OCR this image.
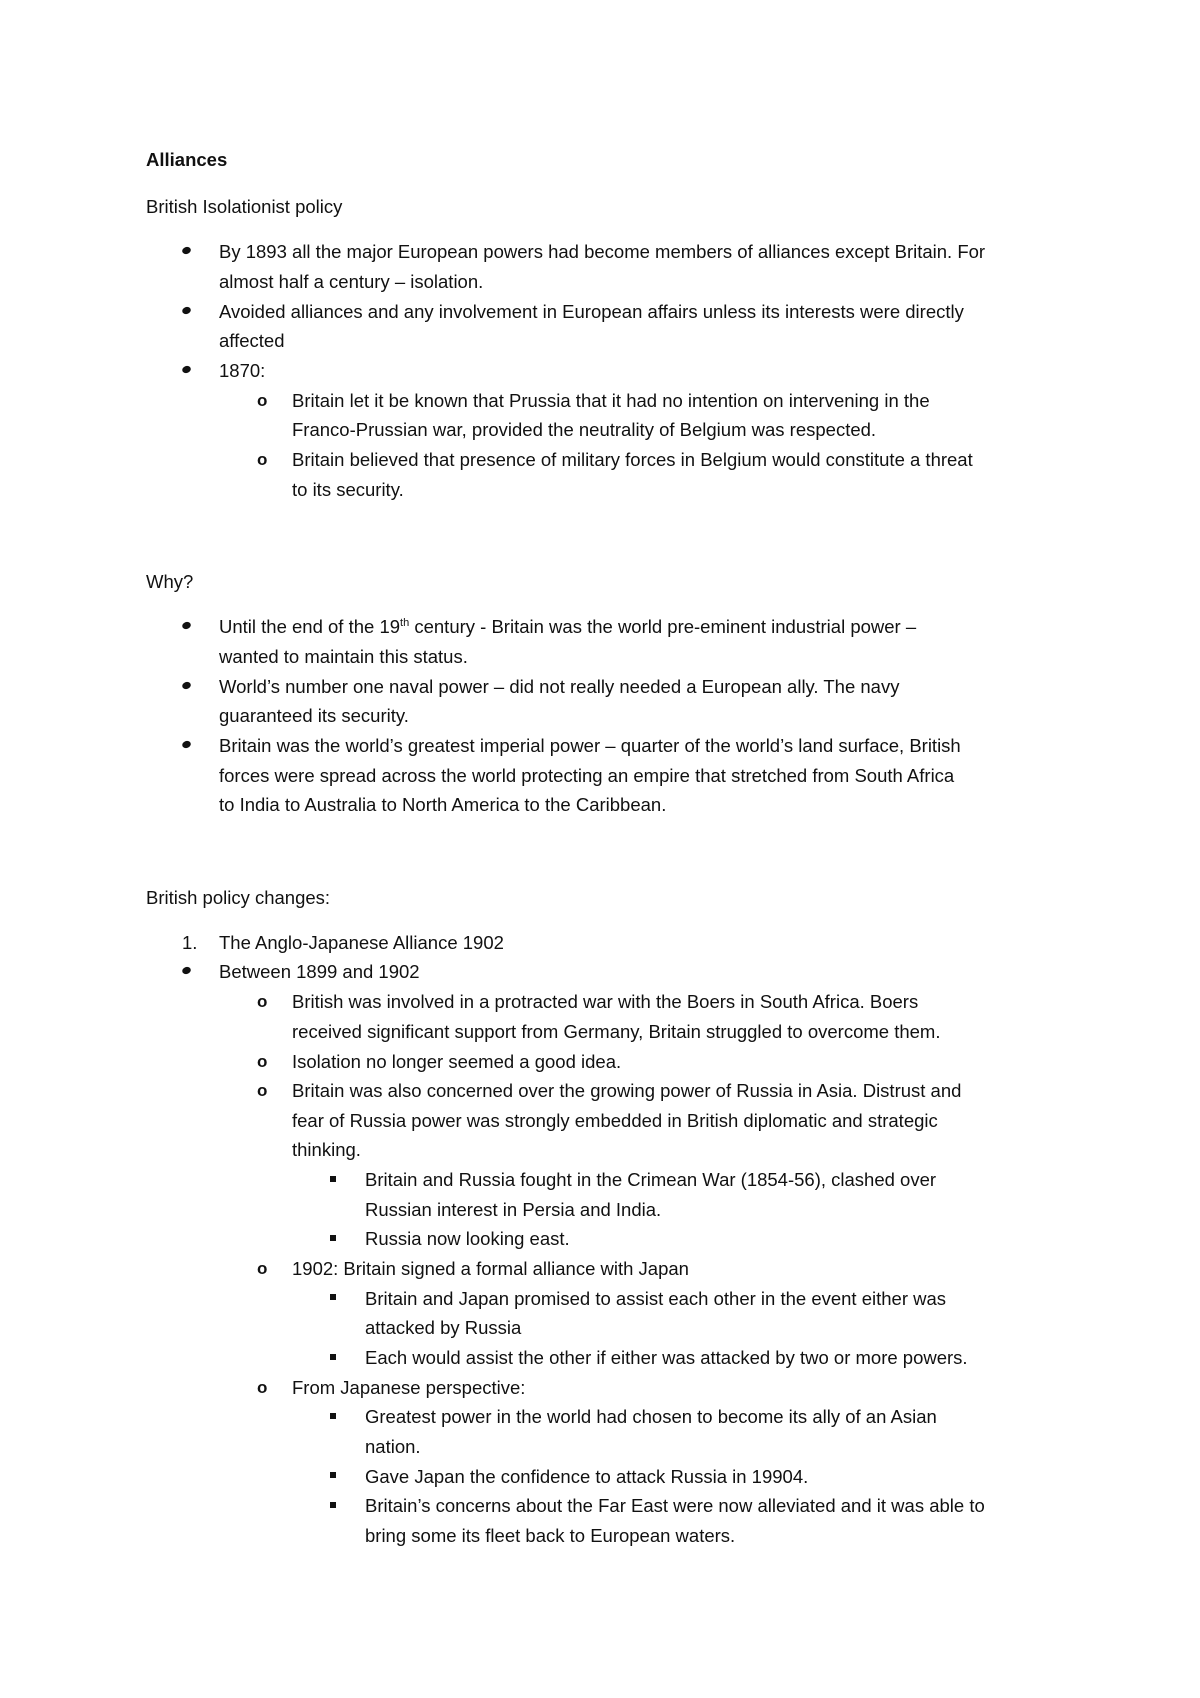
Alliances
British Isolationist policy
By 1893 all the major European powers had become members of alliances except Britain. For
almost half a century – isolation.
Avoided alliances and any involvement in European affairs unless its interests were directly
affected
1870:
o Britain let it be known that Prussia that it had no intention on intervening in the
Franco-Prussian war, provided the neutrality of Belgium was respected.
o Britain believed that presence of military forces in Belgium would constitute a threat
to its security.
Why?
Until the end of the 19th century - Britain was the world pre-eminent industrial power –
wanted to maintain this status.
World’s number one naval power – did not really needed a European ally. The navy
guaranteed its security.
Britain was the world’s greatest imperial power – quarter of the world’s land surface, British
forces were spread across the world protecting an empire that stretched from South Africa
to India to Australia to North America to the Caribbean.
British policy changes:
1. The Anglo-Japanese Alliance 1902
Between 1899 and 1902
o British was involved in a protracted war with the Boers in South Africa. Boers
received significant support from Germany, Britain struggled to overcome them.
o Isolation no longer seemed a good idea.
o Britain was also concerned over the growing power of Russia in Asia. Distrust and
fear of Russia power was strongly embedded in British diplomatic and strategic
thinking.
Britain and Russia fought in the Crimean War (1854-56), clashed over
Russian interest in Persia and India.
Russia now looking east.
o 1902: Britain signed a formal alliance with Japan
Britain and Japan promised to assist each other in the event either was
attacked by Russia
Each would assist the other if either was attacked by two or more powers.
o From Japanese perspective:
Greatest power in the world had chosen to become its ally of an Asian
nation.
Gave Japan the confidence to attack Russia in 19904.
Britain’s concerns about the Far East were now alleviated and it was able to
bring some its fleet back to European waters.
